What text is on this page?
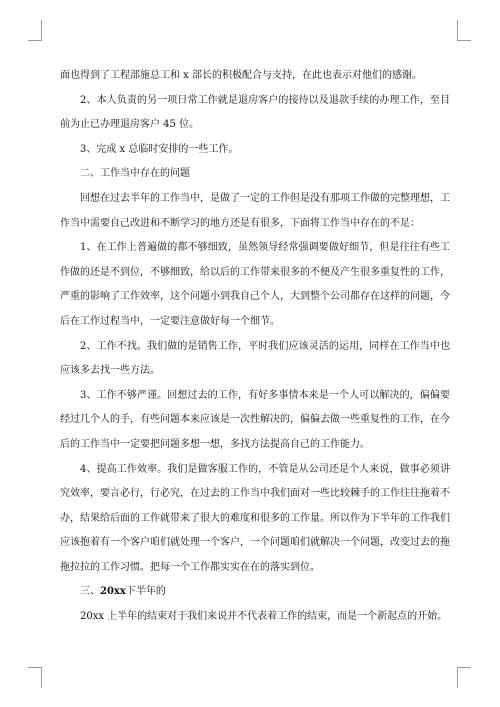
面也得到了工程部施总工和 x 部长的积极配合与支持，在此也表示对他们的感谢。

2、本人负责的另一项日常工作就是退房客户的接待以及退款手续的办理工作，至目前为止已办理退房客户 45 位。

3、完成 x 总临时安排的一些工作。

二、工作当中存在的问题

回想在过去半年的工作当中，是做了一定的工作但是没有那项工作做的完整理想，工作当中需要自己改进和不断学习的地方还是有很多，下面将工作当中存在的不足：

1、在工作上普遍做的都不够细致，虽然领导经常强调要做好细节，但是往往有些工作做的还是不到位，不够细致，给以后的工作带来很多的不便及产生很多重复性的工作，严重的影响了工作效率，这个问题小到我自己个人，大到整个公司都存在这样的问题，今后在工作过程当中，一定要注意做好每一个细节。

2、工作不找。我们做的是销售工作，平时我们应该灵活的运用，同样在工作当中也应该多去找一些方法。

3、工作不够严谨。回想过去的工作，有好多事情本来是一个人可以解决的，偏偏要经过几个人的手，有些问题本来应该是一次性解决的，偏偏去做一些重复性的工作，在今后的工作当中一定要把问题多想一想，多找方法提高自己的工作能力。

4、提高工作效率。我们是做客服工作的，不管是从公司还是个人来说，做事必须讲究效率，要言必行，行必究，在过去的工作当中我们面对一些比较棘手的工作往往拖着不办，结果给后面的工作就带来了很大的难度和很多的工作量。所以作为下半年的工作我们应该抱着有一个客户咱们就处理一个客户，一个问题咱们就解决一个问题，改变过去的拖拖拉拉的工作习惯。把每一个工作都实实在在的落实到位。

三、20xx下半年的

20xx 上半年的结束对于我们来说并不代表着工作的结束，而是一个新起点的开始。
